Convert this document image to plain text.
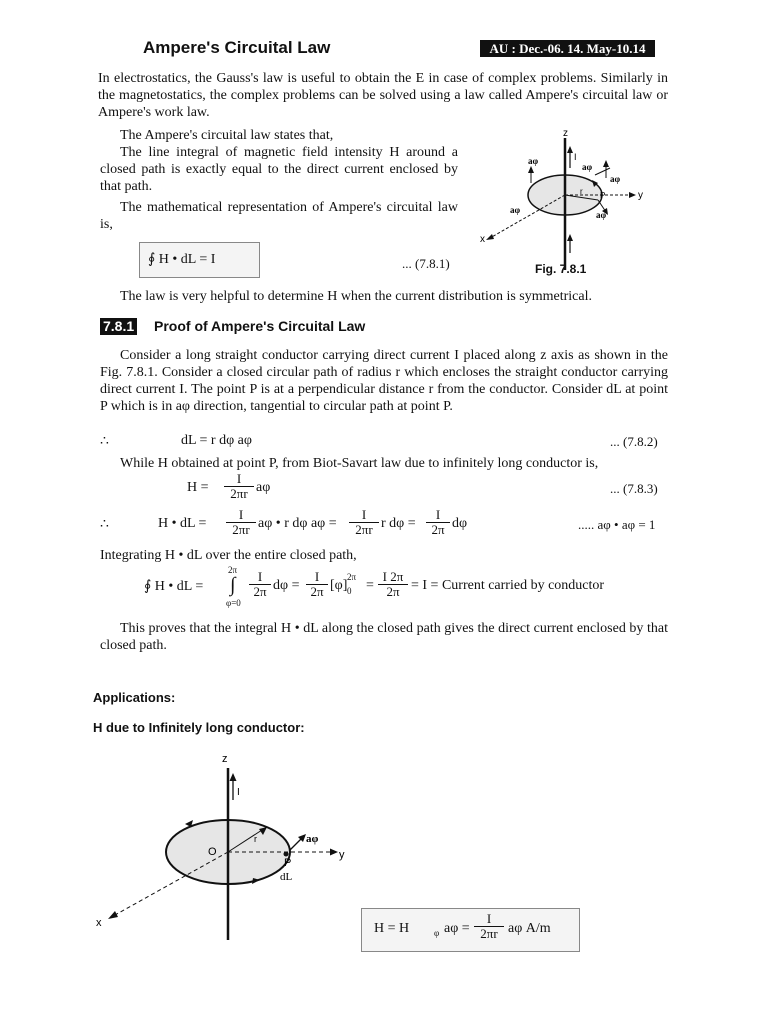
Ampere's Circuital Law	AU : Dec.-06. 14. May-10.14
In electrostatics, the Gauss's law is useful to obtain the E in case of complex problems. Similarly in the magnetostatics, the complex problems can be solved using a law called Ampere's circuital law or Ampere's work law.
The Ampere's circuital law states that,
The line integral of magnetic field intensity H around a closed path is exactly equal to the direct current enclosed by that path.
The mathematical representation of Ampere's circuital law is,
∮ H • dL = I	... (7.8.1)
The law is very helpful to determine H when the current distribution is symmetrical.
z
I
y
x
r P
aφ
aφ
aφ
aφ
aφ
Fig. 7.8.1
7.8.1 Proof of Ampere's Circuital Law
Consider a long straight conductor carrying direct current I placed along z axis as shown in the Fig. 7.8.1. Consider a closed circular path of radius r which encloses the straight conductor carrying direct current I. The point P is at a perpendicular distance r from the conductor. Consider dL at point P which is in aφ direction, tangential to circular path at point P.
∴	dL = r dφ aφ	... (7.8.2)
While H obtained at point P, from Biot-Savart law due to infinitely long conductor is,
H =
I
2πr aφ	... (7.8.3)
∴	H • dL =
I
2πr aφ • r dφ aφ =
I
2πr r dφ =
I
2π dφ	..... aφ • aφ = 1
Integrating H • dL over the entire closed path,
∮ H • dL =
2π
∫
φ=0
I
2π dφ =
I
2π [φ]
2π
0 =
I 2π
2π = I = Current carried by conductor
This proves that the integral H • dL along the closed path gives the direct current enclosed by that closed path.
Applications:
H due to Infinitely long conductor:
z
I
aφ
r
O
P
y
dL
x	H = H	φ aφ =
I
2πr aφ A/m
